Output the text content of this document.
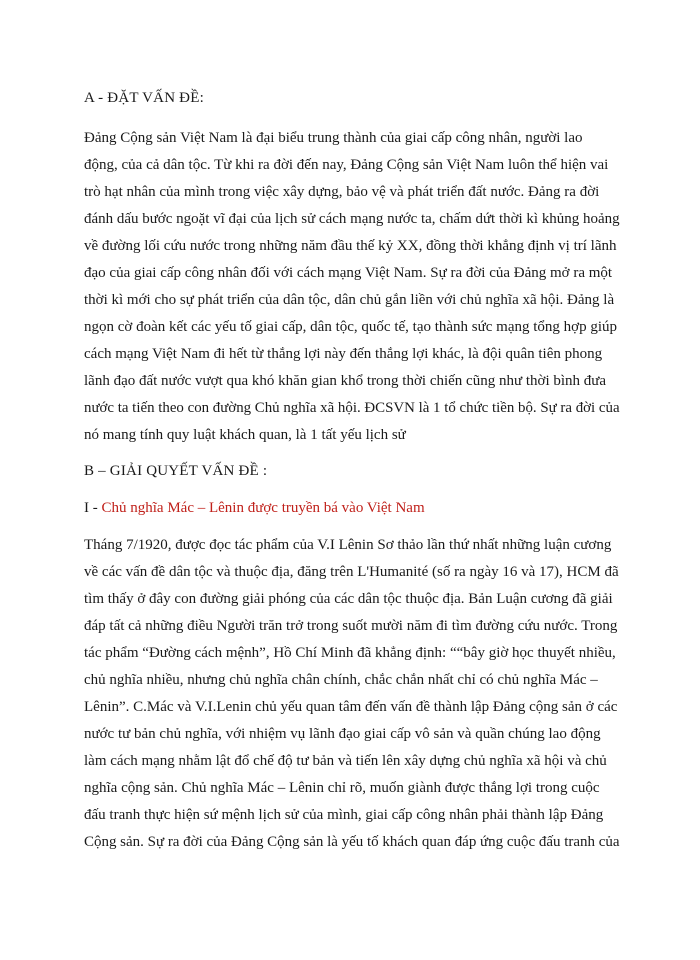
A - ĐẶT VẤN ĐỀ:
Đảng Cộng sản Việt Nam là đại biểu trung thành của giai cấp công nhân, người lao
động, của cả dân tộc. Từ khi ra đời đến nay, Đảng Cộng sản Việt Nam luôn thể hiện vai
trò hạt nhân của mình trong việc xây dựng, bảo vệ và phát triển đất nước. Đảng ra đời
đánh dấu bước ngoặt vĩ đại của lịch sử cách mạng nước ta, chấm dứt thời kì khủng hoảng
về đường lối cứu nước trong những năm đầu thế kỷ XX, đồng thời khẳng định vị trí lãnh
đạo của giai cấp công nhân đối với cách mạng Việt Nam. Sự ra đời của Đảng mở ra một
thời kì mới cho sự phát triển của dân tộc, dân chủ gắn liền với chủ nghĩa xã hội. Đảng là
ngọn cờ đoàn kết các yếu tố giai cấp, dân tộc, quốc tế, tạo thành sức mạng tổng hợp giúp
cách mạng Việt Nam đi hết từ thắng lợi này đến thắng lợi khác, là đội quân tiên phong
lãnh đạo đất nước vượt qua khó khăn gian khổ trong thời chiến cũng như thời bình đưa
nước ta tiến theo con đường Chủ nghĩa xã hội. ĐCSVN là 1 tổ chức tiền bộ. Sự ra đời của
nó mang tính quy luật khách quan, là 1 tất yếu lịch sử
B – GIẢI QUYẾT VẤN ĐỀ :
I - Chủ nghĩa Mác – Lênin được truyền bá vào Việt Nam
Tháng 7/1920, được đọc tác phẩm của V.I Lênin Sơ thảo lần thứ nhất những luận cương
về các vấn đề dân tộc và thuộc địa, đăng trên L'Humanité (số ra ngày 16 và 17), HCM đã
tìm thấy ở đây con đường giải phóng của các dân tộc thuộc địa. Bản Luận cương đã giải
đáp tất cả những điều Người trăn trở trong suốt mười năm đi tìm đường cứu nước. Trong
tác phẩm “Đường cách mệnh”, Hồ Chí Minh đã khẳng định: ““bây giờ học thuyết nhiều,
chủ nghĩa nhiều, nhưng chủ nghĩa chân chính, chắc chắn nhất chỉ có chủ nghĩa Mác –
Lênin”. C.Mác và V.I.Lenin chủ yếu quan tâm đến vấn đề thành lập Đảng cộng sản ở các
nước tư bản chủ nghĩa, với nhiệm vụ lãnh đạo giai cấp vô sản và quần chúng lao động
làm cách mạng nhằm lật đổ chế độ tư bản và tiến lên xây dựng chủ nghĩa xã hội và chủ
nghĩa cộng sản. Chủ nghĩa Mác – Lênin chỉ rõ, muốn giành được thắng lợi trong cuộc
đấu tranh thực hiện sứ mệnh lịch sử của mình, giai cấp công nhân phải thành lập Đảng
Cộng sản. Sự ra đời của Đảng Cộng sản là yếu tố khách quan đáp ứng cuộc đấu tranh của
